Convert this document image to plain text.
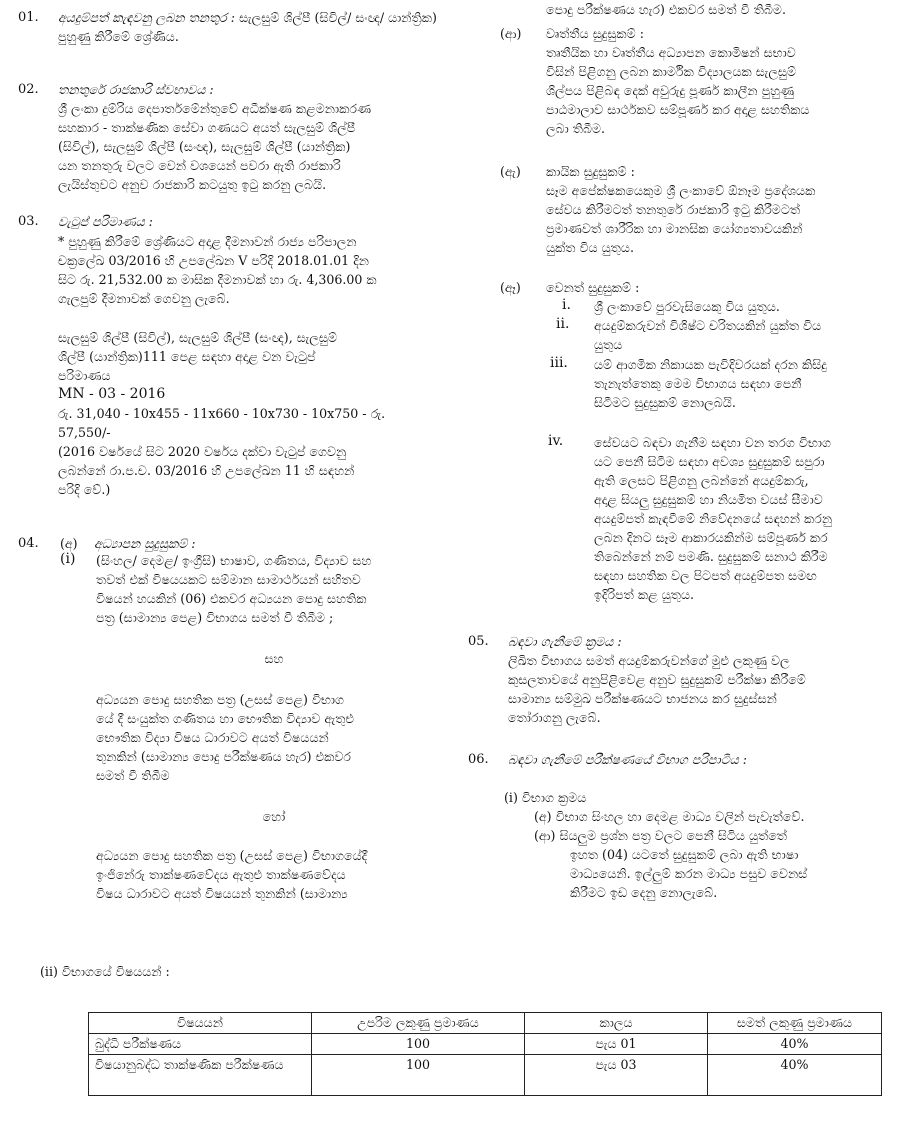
01. අයදුම්පත් කැඳවනු ලබන තනතුර : සැලසුම් ශිල්පී (සිවිල්/ සංඥ/ යාන්ත්‍රික) පුහුණු කිරීමේ ශ්‍රේණිය.
02. තනතුරේ රාජකාරි ස්වභාවය :
ශ්‍රී ලංකා දුම්රිය දෙපාර්තමේන්තුවේ අධීක්ෂණ කළමනාකරණ
සහකාර - තාක්ෂණික සේවා ගණයට අයත් සැලසුම් ශිල්පී
(සිවිල්), සැලසුම් ශිල්පී (සංඥ), සැලසුම් ශිල්පී (යාන්ත්‍රික)
යන තනතුරු වලට වෙන් වශයෙන් පවරා ඇති රාජකාරි
ලැයිස්තුවට අනුව රාජකාරි කටයුතු ඉටු කරනු ලබයි.
03. වැටුප් පරිමාණය :
* පුහුණු කිරීමේ ශ්‍රේණියට අදාළ දීමනාවන් රාජ්‍ය පරිපාලන
චක්‍රලේඛ 03/2016 හි උපලේඛන V පරිදි 2018.01.01 දින
සිට රු. 21,532.00 ක මාසික දීමනාවක් හා රු. 4,306.00 ක
ගැලපුම් දීමනාවක් ගෙවනු ලැබේ.
සැලසුම් ශිල්පී (සිවිල්), සැලසුම් ශිල්පී (සංඥ), සැලසුම්
ශිල්පී (යාන්ත්‍රික)111 පෙළ සඳහා අදාළ වන වැටුප්
පරිමාණය
MN - 03 - 2016
රු. 31,040 - 10x455 - 11x660 - 10x730 - 10x750 - රු.
57,550/-
(2016 වර්ෂයේ සිට 2020 වර්ෂය දක්වා වැටුප් ගෙවනු
ලබන්නේ රා.ප.ච. 03/2016 හි උපලේඛන 11 හි සඳහන්
පරිදි වේ.)
04. (අ) අධ්‍යාපන සුදුසුකම් :
(i) (සිංහල/ දෙමළ/ ඉංග්‍රීසි) භාෂාව, ගණිතය, විද්‍යාව සහ
තවත් එක් විෂයයකට සම්මාන සාමාර්ථයන් සහිතව
විෂයන් හයකින් (06) එකවර අධ්‍යයන පොදු සහතික
පත්‍ර (සාමාන්‍ය පෙළ) විභාගය සමත් වී තිබීම ;
සහ
අධ්‍යයන පොදු සහතික පත්‍ර (උසස් පෙළ) විභාග
යේ දී සංයුක්ත ගණිතය හා භෞතික විද්‍යාව ඇතුළු
භෞතික විද්‍යා විෂය ධාරාවට අයත් විෂයයන්
තුනකින් (සාමාන්‍ය පොදු පරීක්ෂණය හැර) එකවර
සමත් වී තිබීම
හෝ
අධ්‍යයන පොදු සහතික පත්‍ර (උසස් පෙළ) විභාගයේදී
ඉංජිනේරු තාක්ෂණවේදය ඇතුළු තාක්ෂණවේදය
විෂය ධාරාවට අයත් විෂයයන් තුනකින් (සාමාන්‍ය
පොදු පරීක්ෂණය හැර) එකවර සමත් වී තිබීම.
(ආ) වෘත්තීය සුදුසුකම් :
තෘතීයික හා වෘත්තීය අධ්‍යාපන කොමිෂන් සභාව
විසින් පිළිගනු ලබන කාර්මික විද්‍යාලයක සැලසුම්
ශිල්පය පිළිබඳ දෙක් අවුරුදු පූර්ණ කාලීන පුහුණු
පාඨමාලාව සාර්ථකව සම්පූර්ණ කර අදාළ සහතිකය
ලබා තිබීම.
(ඇ) කායික සුදුසුකම් :
සෑම අපේක්ෂකයෙකුම ශ්‍රී ලංකාවේ ඕනෑම ප්‍රදේශයක
සේවය කිරීමටත් තනතුරේ රාජකාරි ඉටු කිරීමටත්
ප්‍රමාණවත් ශාරීරික හා මානසික යෝග්‍යතාවයකින්
යුක්ත විය යුතුය.
(ඈ) වෙනත් සුදුසුකම් :
i. ශ්‍රී ලංකාවේ පුරවැසියෙකු විය යුතුය.
ii. අයදුම්කරුවන් විශිෂ්ට චරිතයකින් යුක්ත විය
යුතුය
iii. යම් ආගමික නිකායක පැවිදිවරයක් දරන කිසිදු
තැනැත්තෙකු මෙම විභාගය සඳහා පෙනී
සිටීමට සුදුසුකම් නොලබයි.
iv. සේවයට බඳවා ගැනීම සඳහා වන තරග විභාග
යට පෙනී සිටීම සඳහා අවශ්‍ය සුදුසුකම් සපුරා
ඇති ලෙසට පිළිගනු ලබන්නේ අයදුම්කරු,
අදාළ සියලු සුදුසුකම් හා නියමිත වයස් සීමාව
අයදුම්පත් කැඳවීමේ නිවේදනයේ සඳහන් කරනු
ලබන දිනට සෑම ආකාරයකින්ම සම්පූර්ණ කර
තිබෙන්නේ නම් පමණි. සුදුසුකම් සනාථ කිරීම
සඳහා සහතික වල පිටපත් අයදුම්පත සමඟ
ඉදිරිපත් කළ යුතුය.
05. බඳවා ගැනීමේ ක්‍රමය :
ලිඛිත විභාගය සමත් අයදුම්කරුවන්ගේ මුළු ලකුණු වල
කුසලතාවයේ අනුපිළිවෙළ අනුව සුදුසුකම් පරීක්ෂා කිරීමේ
සාමාන්‍ය සම්මුඛ පරීක්ෂණයට භාජනය කර සුදුස්සන්
තෝරාගනු ලැබේ.
06. බඳවා ගැනීමේ පරීක්ෂණයේ විභාග පරිපාටිය :
(i) විභාග ක්‍රමය
(අ) විභාග සිංහල හා දෙමළ මාධ්‍ය වලින් පැවැත්වේ.
(ආ) සියලුම ප්‍රශ්න පත්‍ර වලට පෙනී සිටිය යුත්තේ
ඉහත (04) යටතේ සුදුසුකම් ලබා ඇති භාෂා
මාධ්‍යයෙනි. ඉල්ලුම් කරන මාධ්‍ය පසුව වෙනස්
කිරීමට ඉඩ දෙනු නොලැබේ.
(ii) විභාගයේ විෂයයන් :
විෂයයන්	උපරිම ලකුණු ප්‍රමාණය	කාලය	සමත් ලකුණු ප්‍රමාණය
බුද්ධි පරීක්ෂණය	100	පැය 01	40%
විෂයානුබද්ධ තාක්ෂණික පරීක්ෂණය	100	පැය 03	40%
